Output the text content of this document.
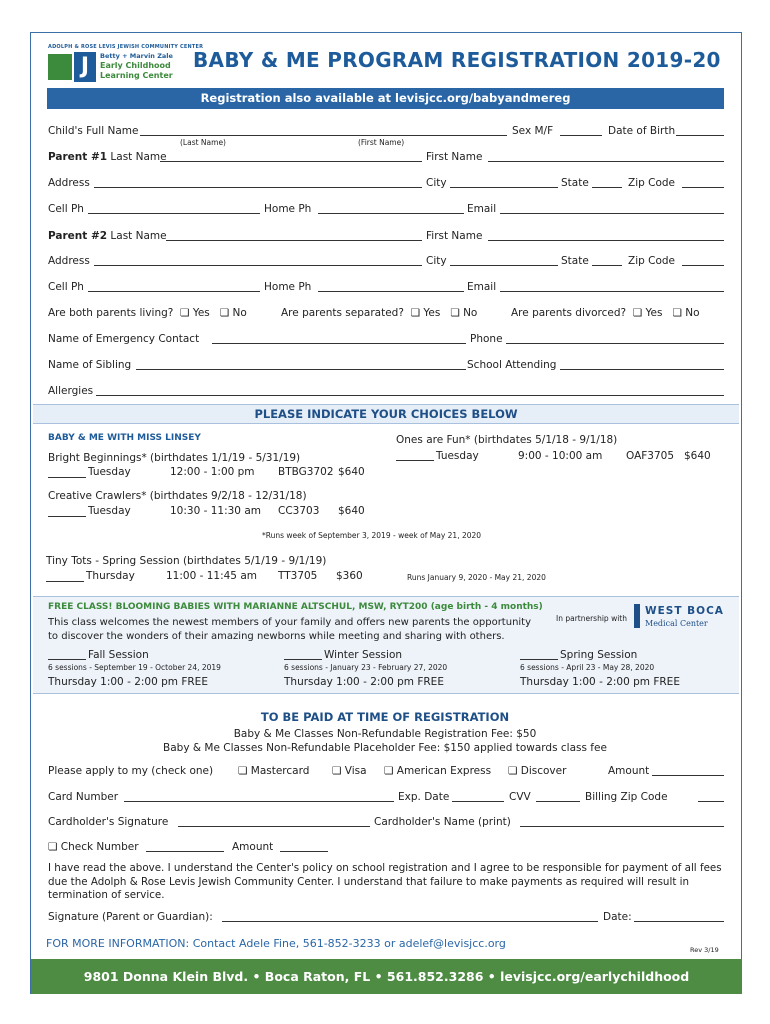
ADOLPH & ROSE LEVIS JEWISH COMMUNITY CENTER
J	Betty + Marvin Zale
Early Childhood
Learning Center
BABY & ME PROGRAM REGISTRATION 2019-20
Registration also available at levisjcc.org/babyandmereg
Child's Full Name
(Last Name)	(First Name)
Sex M/F	Date of Birth
Parent #1 Last Name	First Name
Address	City	State	Zip Code
Cell Ph	Home Ph	Email
Parent #2 Last Name	First Name
Address	City	State	Zip Code
Cell Ph	Home Ph	Email
Are both parents living? ❏ Yes ❏ No	Are parents separated? ❏ Yes ❏ No	Are parents divorced? ❏ Yes ❏ No
Name of Emergency Contact	Phone
Name of Sibling	School Attending
Allergies
PLEASE INDICATE YOUR CHOICES BELOW
BABY & ME WITH MISS LINSEY
Bright Beginnings* (birthdates 1/1/19 - 5/31/19)
Tuesday	12:00 - 1:00 pm BTBG3702 $640
Creative Crawlers* (birthdates 9/2/18 - 12/31/18)
Tuesday	10:30 - 11:30 am CC3703 $640
Ones are Fun* (birthdates 5/1/18 - 9/1/18)
Tuesday	9:00 - 10:00 am OAF3705 $640
*Runs week of September 3, 2019 - week of May 21, 2020
Tiny Tots - Spring Session (birthdates 5/1/19 - 9/1/19)
Thursday	11:00 - 11:45 am TT3705 $360	Runs January 9, 2020 - May 21, 2020
FREE CLASS! BLOOMING BABIES WITH MARIANNE ALTSCHUL, MSW, RYT200 (age birth - 4 months)
This class welcomes the newest members of your family and offers new parents the opportunity
to discover the wonders of their amazing newborns while meeting and sharing with others.
In partnership with
WEST BOCA
Medical Center
Fall Session
6 sessions - September 19 - October 24, 2019
Thursday 1:00 - 2:00 pm FREE
Winter Session
6 sessions - January 23 - February 27, 2020
Thursday 1:00 - 2:00 pm FREE
Spring Session
6 sessions - April 23 - May 28, 2020
Thursday 1:00 - 2:00 pm FREE
TO BE PAID AT TIME OF REGISTRATION
Baby & Me Classes Non-Refundable Registration Fee: $50
Baby & Me Classes Non-Refundable Placeholder Fee: $150 applied towards class fee
Please apply to my (check one) ❏ Mastercard ❏ Visa ❏ American Express ❏ Discover	Amount
Card Number	Exp. Date	CVV	Billing Zip Code
Cardholder's Signature	Cardholder's Name (print)
❏ Check Number	Amount
I have read the above. I understand the Center's policy on school registration and I agree to be responsible for payment of all fees due the Adolph & Rose Levis Jewish Community Center. I understand that failure to make payments as required will result in termination of service.
Signature (Parent or Guardian):	Date:
FOR MORE INFORMATION: Contact Adele Fine, 561-852-3233 or adelef@levisjcc.org	Rev 3/19
9801 Donna Klein Blvd. • Boca Raton, FL • 561.852.3286 • levisjcc.org/earlychildhood
